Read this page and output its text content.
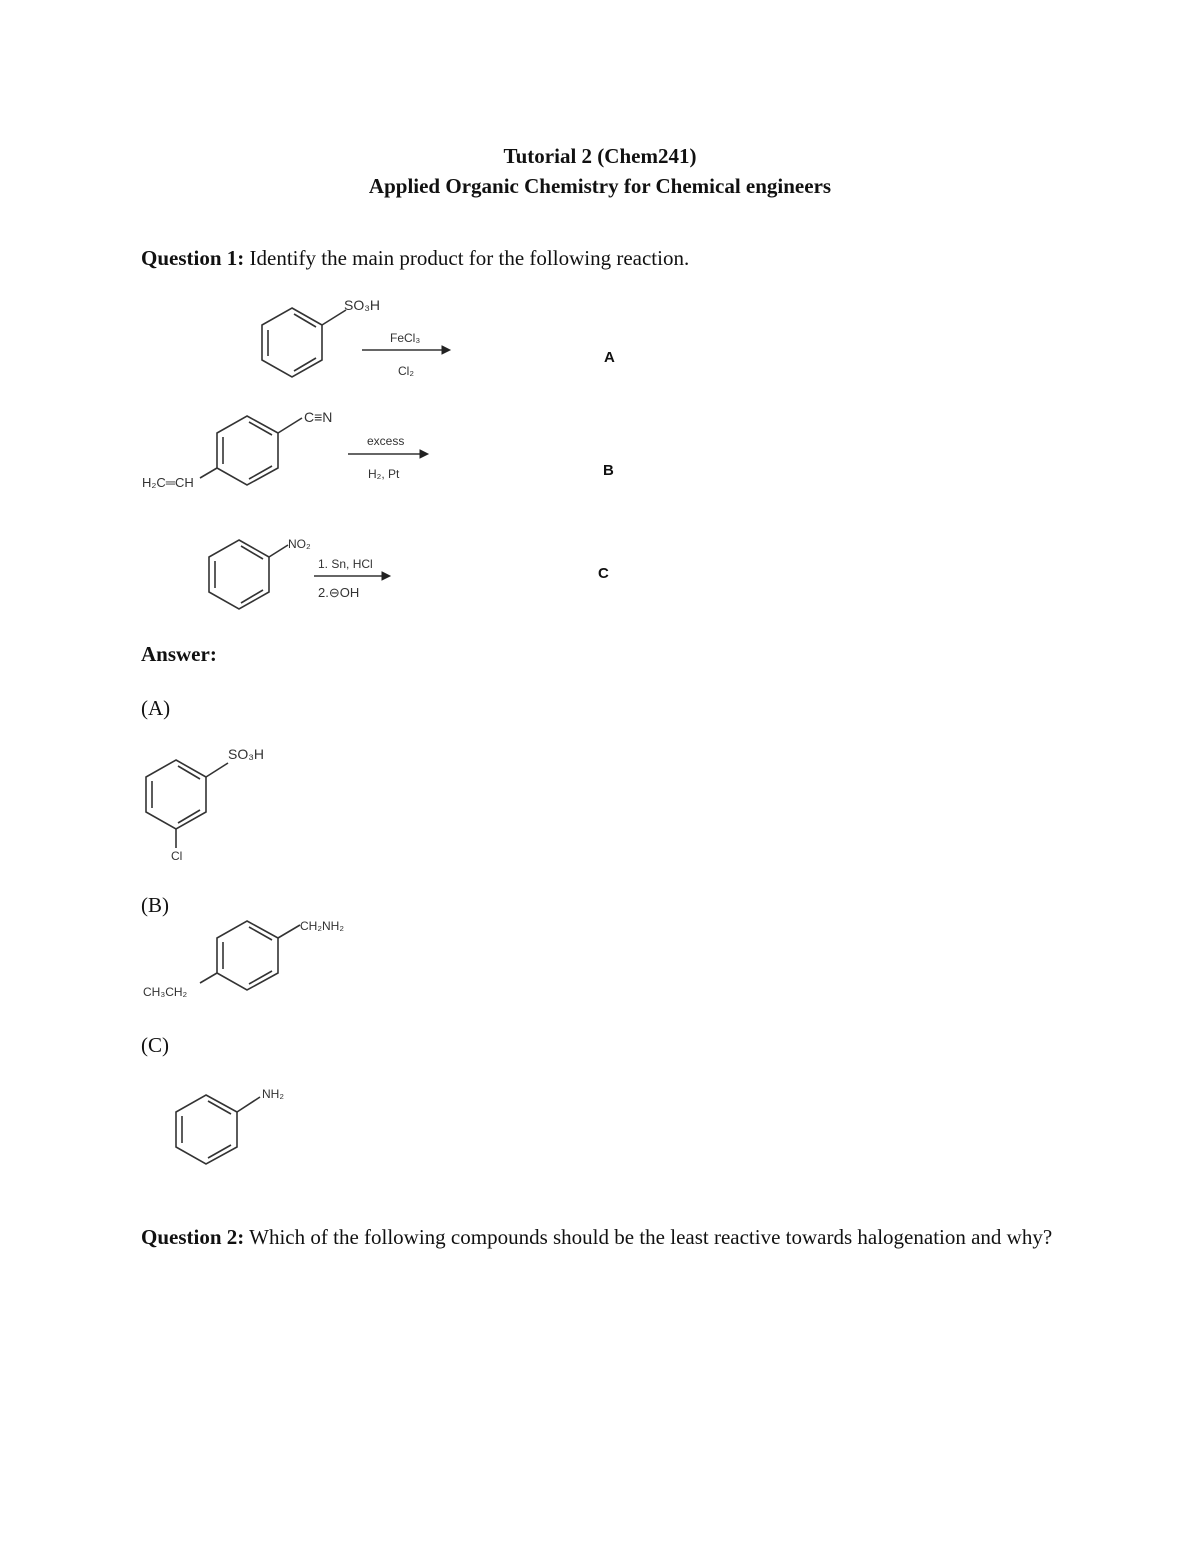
Tutorial 2 (Chem241)
Applied Organic Chemistry for Chemical engineers
Question 1: Identify the main product for the following reaction.
SO₃H
FeCl₃
Cl₂
A
C≡N
H₂C═CH
excess
H₂, Pt	B
NO₂
1. Sn, HCl
2.⊖OH
C
Answer:
(A)
SO₃H
Cl
(B)
CH₂NH₂
CH₃CH₂
(C)
NH₂
Question 2: Which of the following compounds should be the least reactive towards halogenation and why?
